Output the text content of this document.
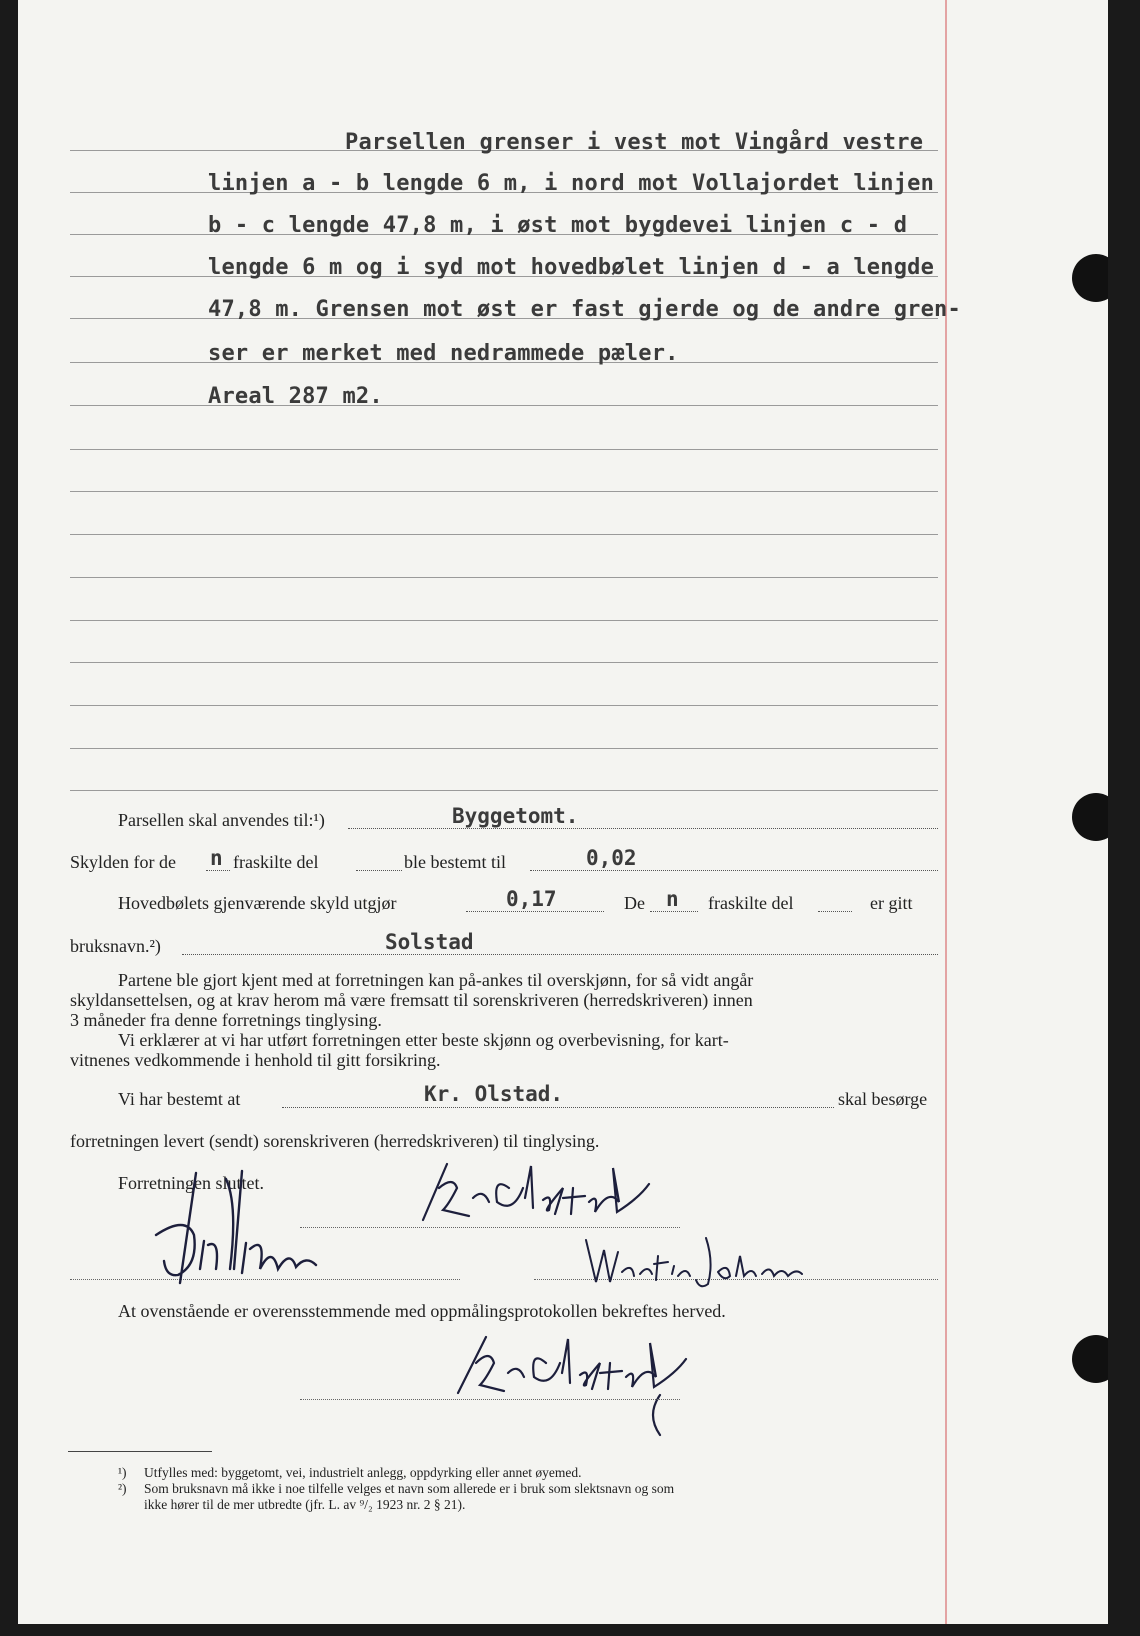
Parsellen grenser i vest mot Vingård vestre
linjen a - b lengde 6 m, i nord mot Vollajordet linjen
b - c lengde 47,8 m, i øst mot bygdevei linjen c - d
lengde 6 m og i syd mot hovedbølet linjen d - a lengde
47,8 m. Grensen mot øst er fast gjerde og de andre gren-
ser er merket med nedrammede pæler.
Areal 287 m2.
Parsellen skal anvendes til:¹)	Byggetomt.
Skylden for de n fraskilte del	ble bestemt til	0,02
Hovedbølets gjenværende skyld utgjør	0,17	De n fraskilte del	er gitt
bruksnavn.²)	Solstad
Partene ble gjort kjent med at forretningen kan på-ankes til overskjønn, for så vidt angår
skyldansettelsen, og at krav herom må være fremsatt til sorenskriveren (herredskriveren) innen
3 måneder fra denne forretnings tinglysing.
Vi erklærer at vi har utført forretningen etter beste skjønn og overbevisning, for kart-
vitnenes vedkommende i henhold til gitt forsikring.
Vi har bestemt at	Kr. Olstad.	skal besørge
forretningen levert (sendt) sorenskriveren (herredskriveren) til tinglysing.
Forretningen sluttet.
At ovenstående er overensstemmende med oppmålingsprotokollen bekreftes herved.
¹) Utfylles med: byggetomt, vei, industrielt anlegg, oppdyrking eller annet øyemed.
²) Som bruksnavn må ikke i noe tilfelle velges et navn som allerede er i bruk som slektsnavn og som
ikke hører til de mer utbredte (jfr. L. av ⁹/₂ 1923 nr. 2 § 21).
